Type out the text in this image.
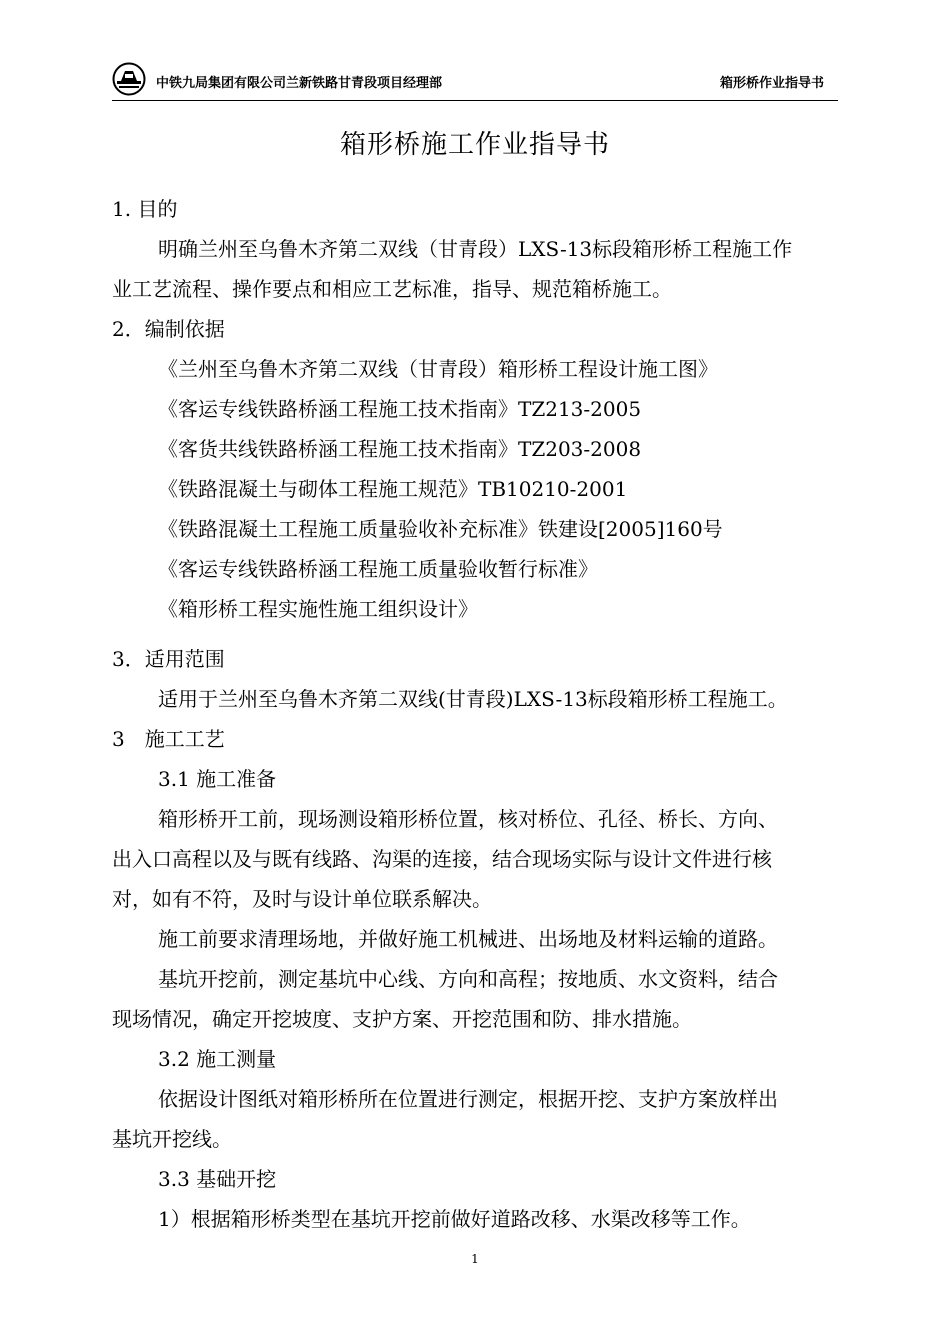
中铁九局集团有限公司兰新铁路甘青段项目经理部	箱形桥作业指导书
箱形桥施工作业指导书
1. 目的
明确兰州至乌鲁木齐第二双线（甘青段）LXS-13标段箱形桥工程施工作
业工艺流程、操作要点和相应工艺标准，指导、规范箱桥施工。
2．编制依据
《兰州至乌鲁木齐第二双线（甘青段）箱形桥工程设计施工图》
《客运专线铁路桥涵工程施工技术指南》TZ213-2005
《客货共线铁路桥涵工程施工技术指南》TZ203-2008
《铁路混凝土与砌体工程施工规范》TB10210-2001
《铁路混凝土工程施工质量验收补充标准》铁建设[2005]160号
《客运专线铁路桥涵工程施工质量验收暂行标准》
《箱形桥工程实施性施工组织设计》
3．适用范围
适用于兰州至乌鲁木齐第二双线(甘青段)LXS-13标段箱形桥工程施工。
3　施工工艺
3.1 施工准备
箱形桥开工前，现场测设箱形桥位置，核对桥位、孔径、桥长、方向、
出入口高程以及与既有线路、沟渠的连接，结合现场实际与设计文件进行核
对，如有不符，及时与设计单位联系解决。
施工前要求清理场地，并做好施工机械进、出场地及材料运输的道路。
基坑开挖前，测定基坑中心线、方向和高程；按地质、水文资料，结合
现场情况，确定开挖坡度、支护方案、开挖范围和防、排水措施。
3.2 施工测量
依据设计图纸对箱形桥所在位置进行测定，根据开挖、支护方案放样出
基坑开挖线。
3.3 基础开挖
1）根据箱形桥类型在基坑开挖前做好道路改移、水渠改移等工作。
1
